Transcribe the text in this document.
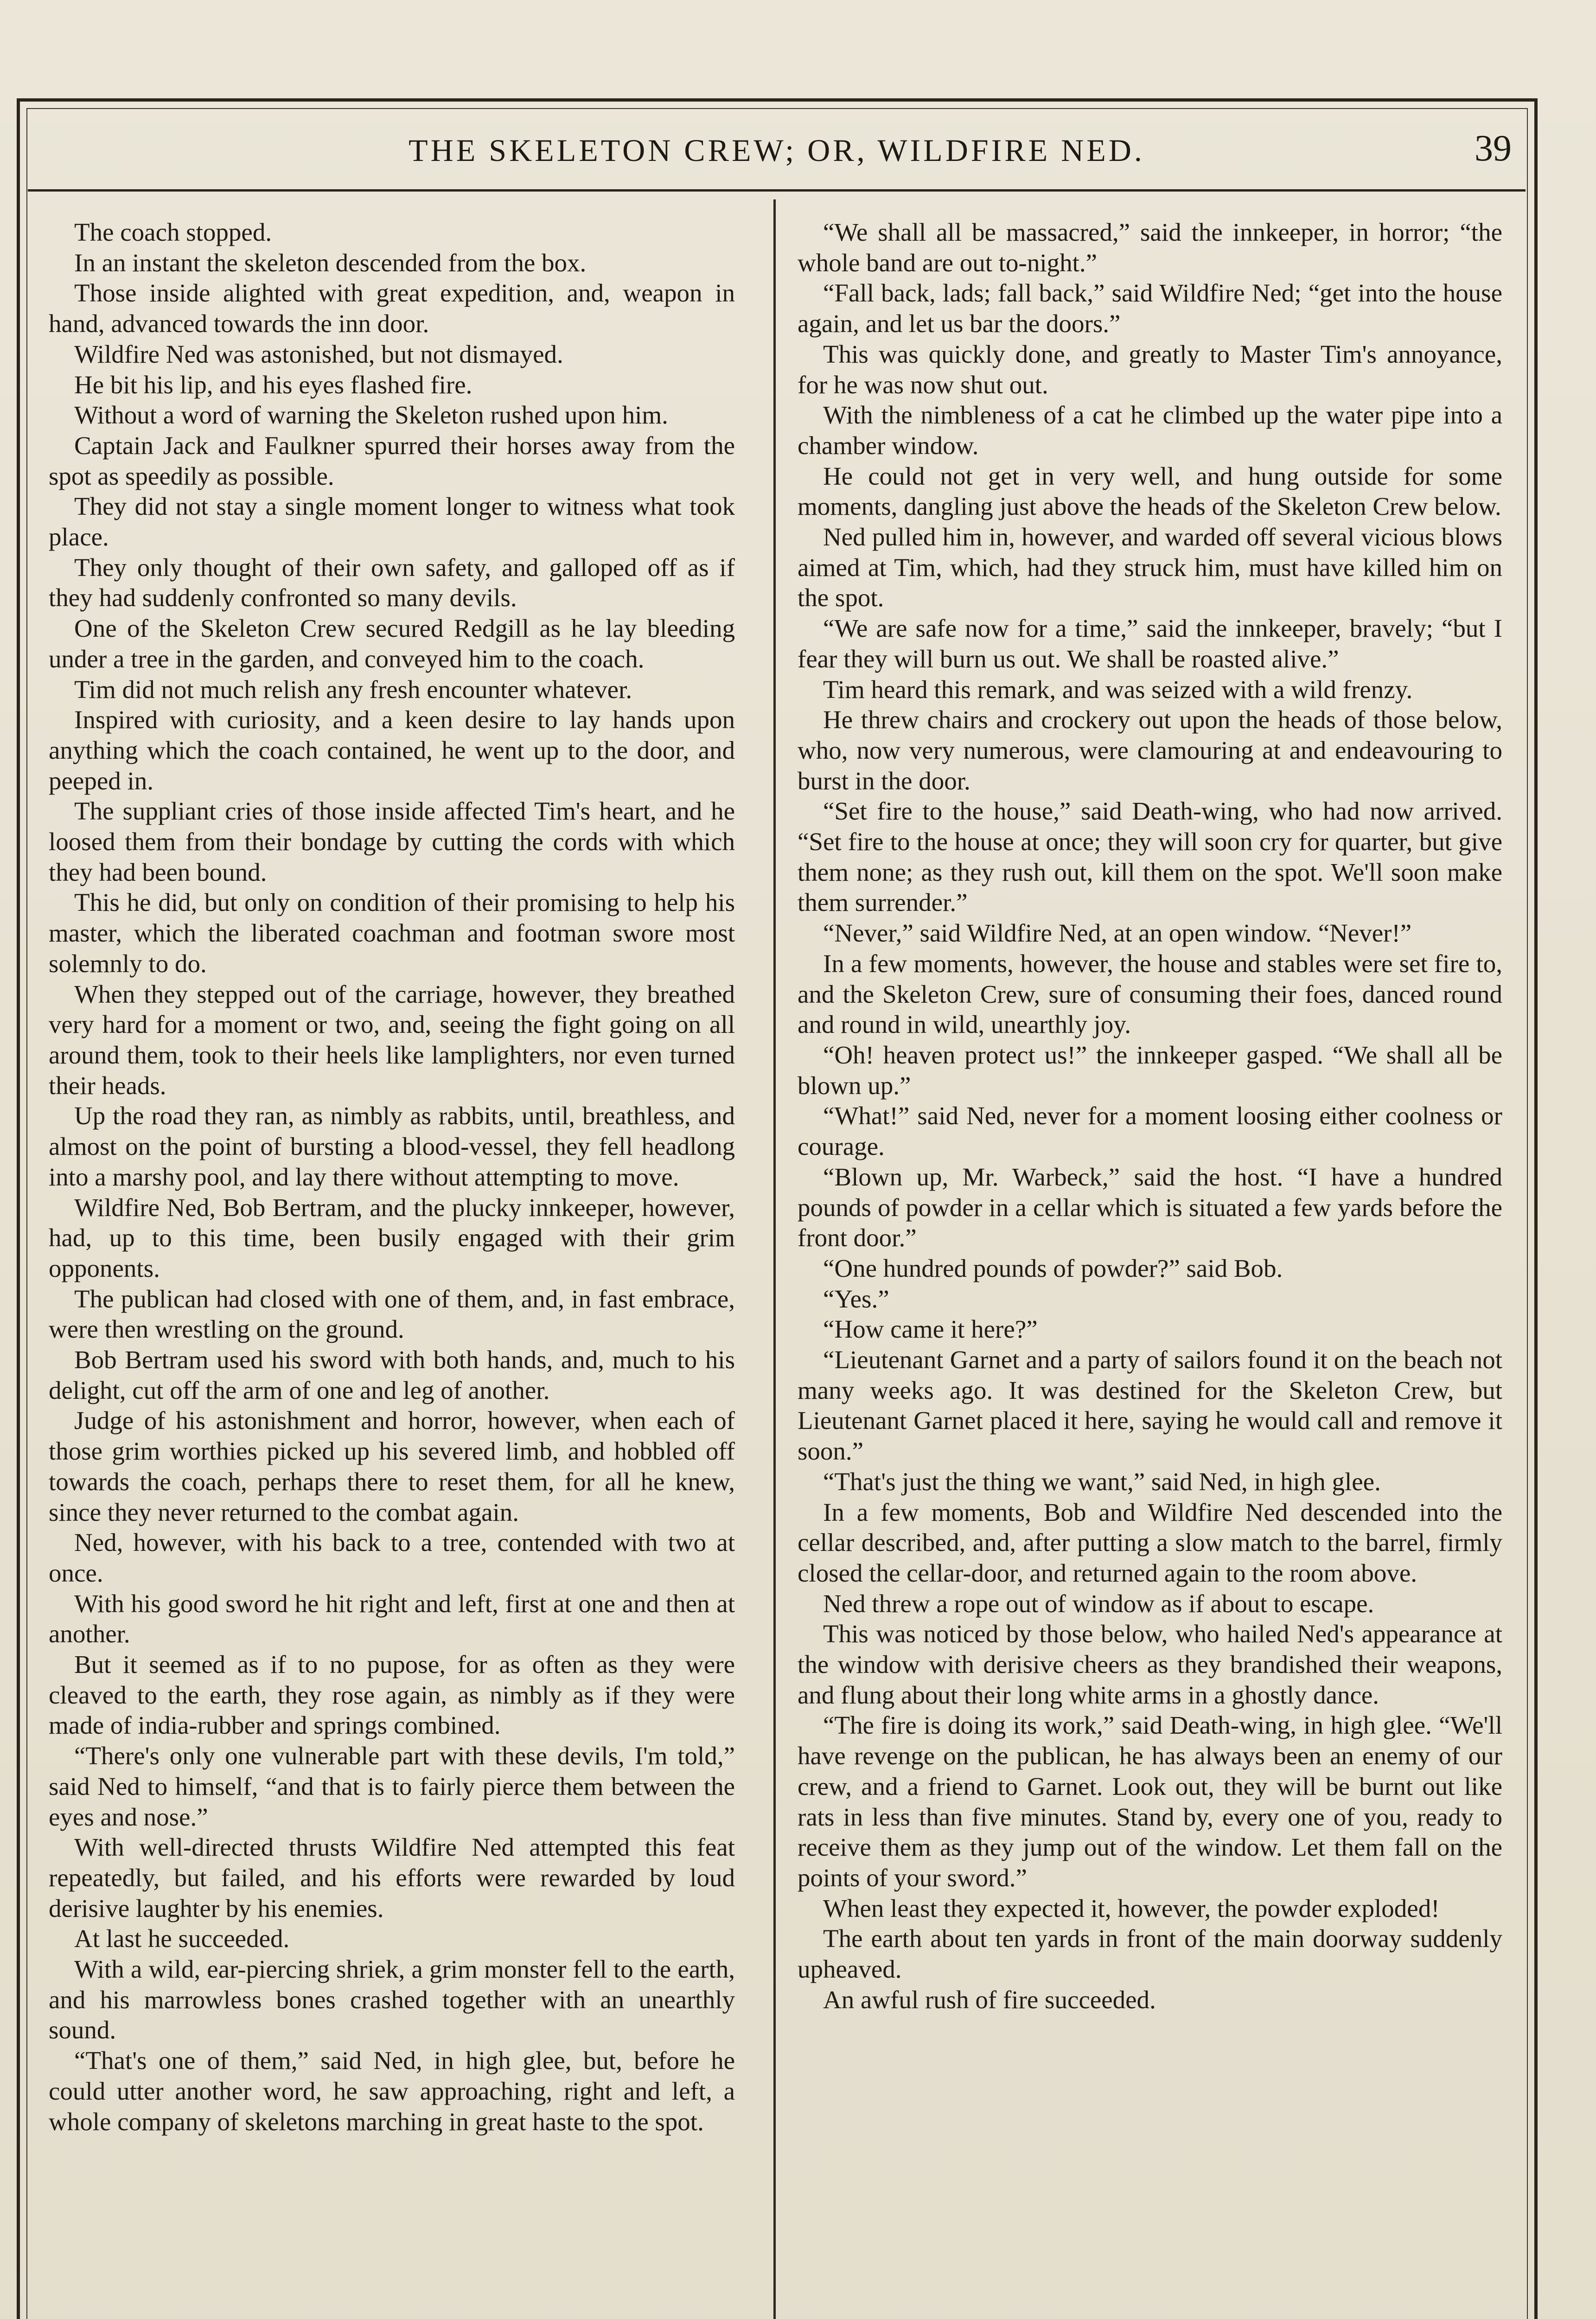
THE SKELETON CREW; OR, WILDFIRE NED.	39

The coach stopped.

In an instant the skeleton descended from the box.

Those inside alighted with great expedition, and, weapon in hand, advanced towards the inn door.

Wildfire Ned was astonished, but not dismayed.

He bit his lip, and his eyes flashed fire.

Without a word of warning the Skeleton rushed upon him.

Captain Jack and Faulkner spurred their horses away from the spot as speedily as possible.

They did not stay a single moment longer to witness what took place.

They only thought of their own safety, and galloped off as if they had suddenly confronted so many devils.

One of the Skeleton Crew secured Redgill as he lay bleeding under a tree in the garden, and conveyed him to the coach.

Tim did not much relish any fresh encounter whatever.

Inspired with curiosity, and a keen desire to lay hands upon anything which the coach contained, he went up to the door, and peeped in.

The suppliant cries of those inside affected Tim's heart, and he loosed them from their bondage by cutting the cords with which they had been bound.

This he did, but only on condition of their promising to help his master, which the liberated coachman and footman swore most solemnly to do.

When they stepped out of the carriage, however, they breathed very hard for a moment or two, and, seeing the fight going on all around them, took to their heels like lamplighters, nor even turned their heads.

Up the road they ran, as nimbly as rabbits, until, breathless, and almost on the point of bursting a blood-vessel, they fell headlong into a marshy pool, and lay there without attempting to move.

Wildfire Ned, Bob Bertram, and the plucky innkeeper, however, had, up to this time, been busily engaged with their grim opponents.

The publican had closed with one of them, and, in fast embrace, were then wrestling on the ground.

Bob Bertram used his sword with both hands, and, much to his delight, cut off the arm of one and leg of another.

Judge of his astonishment and horror, however, when each of those grim worthies picked up his severed limb, and hobbled off towards the coach, perhaps there to reset them, for all he knew, since they never returned to the combat again.

Ned, however, with his back to a tree, contended with two at once.

With his good sword he hit right and left, first at one and then at another.

But it seemed as if to no pupose, for as often as they were cleaved to the earth, they rose again, as nimbly as if they were made of india-rubber and springs combined.

“There's only one vulnerable part with these devils, I'm told,” said Ned to himself, “and that is to fairly pierce them between the eyes and nose.”

With well-directed thrusts Wildfire Ned attempted this feat repeatedly, but failed, and his efforts were rewarded by loud derisive laughter by his enemies.

At last he succeeded.

With a wild, ear-piercing shriek, a grim monster fell to the earth, and his marrowless bones crashed together with an unearthly sound.

“That's one of them,” said Ned, in high glee, but, before he could utter another word, he saw approaching, right and left, a whole company of skeletons marching in great haste to the spot.

“We shall all be massacred,” said the innkeeper, in horror; “the whole band are out to-night.”

“Fall back, lads; fall back,” said Wildfire Ned; “get into the house again, and let us bar the doors.”

This was quickly done, and greatly to Master Tim's annoyance, for he was now shut out.

With the nimbleness of a cat he climbed up the water pipe into a chamber window.

He could not get in very well, and hung outside for some moments, dangling just above the heads of the Skeleton Crew below.

Ned pulled him in, however, and warded off several vicious blows aimed at Tim, which, had they struck him, must have killed him on the spot.

“We are safe now for a time,” said the innkeeper, bravely; “but I fear they will burn us out. We shall be roasted alive.”

Tim heard this remark, and was seized with a wild frenzy.

He threw chairs and crockery out upon the heads of those below, who, now very numerous, were clamouring at and endeavouring to burst in the door.

“Set fire to the house,” said Death-wing, who had now arrived. “Set fire to the house at once; they will soon cry for quarter, but give them none; as they rush out, kill them on the spot. We'll soon make them surrender.”

“Never,” said Wildfire Ned, at an open window. “Never!”

In a few moments, however, the house and stables were set fire to, and the Skeleton Crew, sure of consuming their foes, danced round and round in wild, unearthly joy.

“Oh! heaven protect us!” the innkeeper gasped. “We shall all be blown up.”

“What!” said Ned, never for a moment loosing either coolness or courage.

“Blown up, Mr. Warbeck,” said the host. “I have a hundred pounds of powder in a cellar which is situated a few yards before the front door.”

“One hundred pounds of powder?” said Bob.

“Yes.”

“How came it here?”

“Lieutenant Garnet and a party of sailors found it on the beach not many weeks ago. It was destined for the Skeleton Crew, but Lieutenant Garnet placed it here, saying he would call and remove it soon.”

“That's just the thing we want,” said Ned, in high glee.

In a few moments, Bob and Wildfire Ned descended into the cellar described, and, after putting a slow match to the barrel, firmly closed the cellar-door, and returned again to the room above.

Ned threw a rope out of window as if about to escape.

This was noticed by those below, who hailed Ned's appearance at the window with derisive cheers as they brandished their weapons, and flung about their long white arms in a ghostly dance.

“The fire is doing its work,” said Death-wing, in high glee. “We'll have revenge on the publican, he has always been an enemy of our crew, and a friend to Garnet. Look out, they will be burnt out like rats in less than five minutes. Stand by, every one of you, ready to receive them as they jump out of the window. Let them fall on the points of your sword.”

When least they expected it, however, the powder exploded!

The earth about ten yards in front of the main doorway suddenly upheaved.

An awful rush of fire succeeded.
